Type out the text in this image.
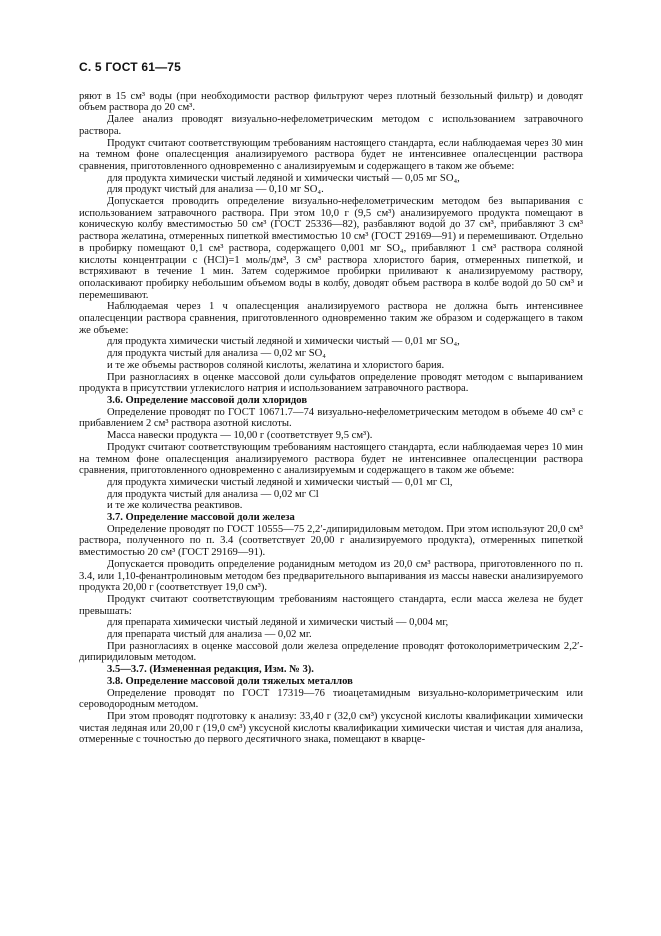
С. 5 ГОСТ 61—75

ряют в 15 см³ воды (при необходимости раствор фильтруют через плотный беззольный фильтр) и доводят объем раствора до 20 см³.

Далее анализ проводят визуально-нефелометрическим методом с использованием затравочного раствора.

Продукт считают соответствующим требованиям настоящего стандарта, если наблюдаемая через 30 мин на темном фоне опалесценция анализируемого раствора будет не интенсивнее опалесценции раствора сравнения, приготовленного одновременно с анализируемым и содержащего в таком же объеме:

для продукта химически чистый ледяной и химически чистый — 0,05 мг SO₄,

для продукт чистый для анализа — 0,10 мг SO₄.

Допускается проводить определение визуально-нефелометрическим методом без выпаривания с использованием затравочного раствора. При этом 10,0 г (9,5 см³) анализируемого продукта помещают в коническую колбу вместимостью 50 см³ (ГОСТ 25336—82), разбавляют водой до 37 см³, прибавляют 3 см³ раствора желатина, отмеренных пипеткой вместимостью 10 см³ (ГОСТ 29169—91) и перемешивают. Отдельно в пробирку помещают 0,1 см³ раствора, содержащего 0,001 мг SO₄, прибавляют 1 см³ раствора соляной кислоты концентрации c (HCl)=1 моль/дм³, 3 см³ раствора хлористого бария, отмеренных пипеткой, и встряхивают в течение 1 мин. Затем содержимое пробирки приливают к анализируемому раствору, ополаскивают пробирку небольшим объемом воды в колбу, доводят объем раствора в колбе водой до 50 см³ и перемешивают.

Наблюдаемая через 1 ч опалесценция анализируемого раствора не должна быть интенсивнее опалесценции раствора сравнения, приготовленного одновременно таким же образом и содержащего в таком же объеме:

для продукта химически чистый ледяной и химически чистый — 0,01 мг SO₄,

для продукта чистый для анализа — 0,02 мг SO₄

и те же объемы растворов соляной кислоты, желатина и хлористого бария.

При разногласиях в оценке массовой доли сульфатов определение проводят методом с выпариванием продукта в присутствии углекислого натрия и использованием затравочного раствора.

3.6. Определение массовой доли хлоридов

Определение проводят по ГОСТ 10671.7—74 визуально-нефелометрическим методом в объеме 40 см³ с прибавлением 2 см³ раствора азотной кислоты.

Масса навески продукта — 10,00 г (соответствует 9,5 см³).

Продукт считают соответствующим требованиям настоящего стандарта, если наблюдаемая через 10 мин на темном фоне опалесценция анализируемого раствора будет не интенсивнее опалесценции раствора сравнения, приготовленного одновременно с анализируемым и содержащего в таком же объеме:

для продукта химически чистый ледяной и химически чистый — 0,01 мг Cl,

для продукта чистый для анализа — 0,02 мг Cl

и те же количества реактивов.

3.7. Определение массовой доли железа

Определение проводят по ГОСТ 10555—75 2,2′-дипиридиловым методом. При этом используют 20,0 см³ раствора, полученного по п. 3.4 (соответствует 20,00 г анализируемого продукта), отмеренных пипеткой вместимостью 20 см³ (ГОСТ 29169—91).

Допускается проводить определение роданидным методом из 20,0 см³ раствора, приготовленного по п. 3.4, или 1,10-фенантролиновым методом без предварительного выпаривания из массы навески анализируемого продукта 20,00 г (соответствует 19,0 см³).

Продукт считают соответствующим требованиям настоящего стандарта, если масса железа не будет превышать:

для препарата химически чистый ледяной и химически чистый — 0,004 мг,

для препарата чистый для анализа — 0,02 мг.

При разногласиях в оценке массовой доли железа определение проводят фотоколориметрическим 2,2′-дипиридиловым методом.

3.5—3.7. (Измененная редакция, Изм. № 3).

3.8. Определение массовой доли тяжелых металлов

Определение проводят по ГОСТ 17319—76 тиоацетамидным визуально-колориметрическим или сероводородным методом.

При этом проводят подготовку к анализу: 33,40 г (32,0 см³) уксусной кислоты квалификации химически чистая ледяная или 20,00 г (19,0 см³) уксусной кислоты квалификации химически чистая и чистая для анализа, отмеренные с точностью до первого десятичного знака, помещают в кварце-
